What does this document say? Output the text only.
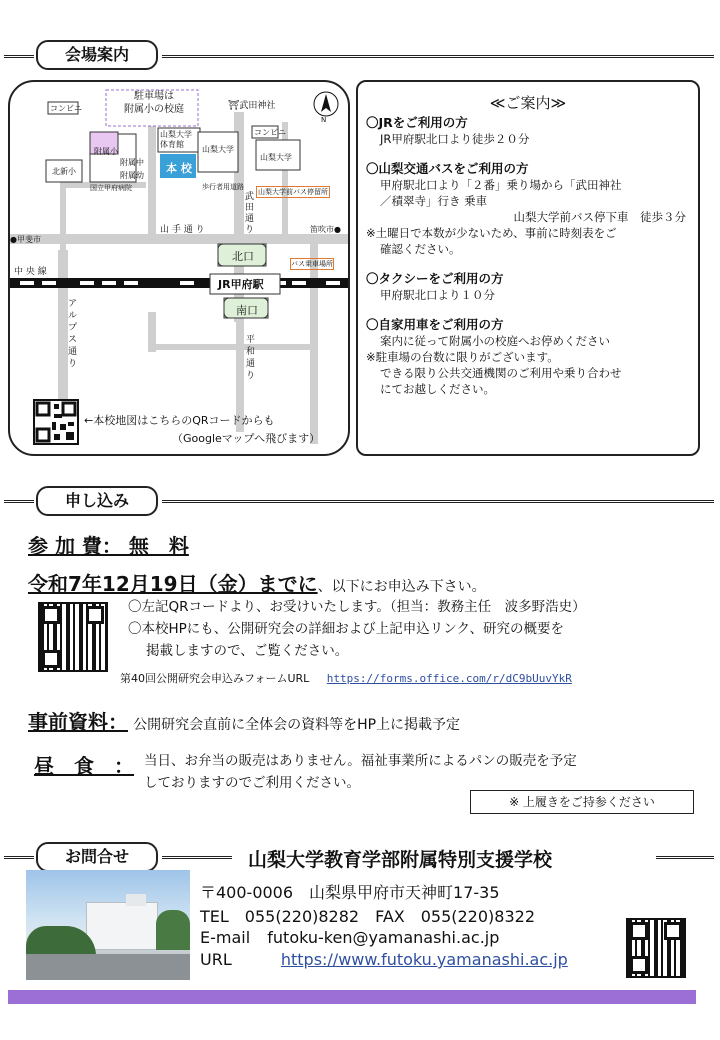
会場案内
駐車場は
附属小の校庭	⛩武田神社
コンビニ
コンビニ
北新小
附属小
附属中
附属幼
国立甲府病院
山梨大学
体育館
本 校
山梨大学
山梨大学
歩行者用道路
山梨大学前バス停留所
武田通り
●甲斐市
笛吹市●
山 手 通 り
北口
バス乗車場所
中 央 線
JR甲府駅
南口
アルプス通り
平和通り
N
←本校地図はこちらのQRコードからも
（Googleマップへ飛びます）
≪ご案内≫
〇JRをご利用の方

JR甲府駅北口より徒歩２０分

〇山梨交通バスをご利用の方

甲府駅北口より「２番」乗り場から「武田神社

／積翠寺」行き 乗車

山梨大学前バス停下車　徒歩３分

※土曜日で本数が少ないため、事前に時刻表をご

確認ください。

〇タクシーをご利用の方

甲府駅北口より１０分

〇自家用車をご利用の方

案内に従って附属小の校庭へお停めください

※駐車場の台数に限りがございます。

できる限り公共交通機関のご利用や乗り合わせ

にてお越しください。

申し込み
参 加 費： 無　料
令和7年12月19日（金）までに、以下にお申込み下さい。
〇左記QRコードより、お受けいたします。（担当：教務主任　波多野浩史）
〇本校HPにも、公開研究会の詳細および上記申込リンク、研究の概要を
掲載しますので、ご覧ください。
第40回公開研究会申込みフォームURL https://forms.office.com/r/dC9bUuvYkR
事前資料： 公開研究会直前に全体会の資料等をHP上に掲載予定
昼　食　： 当日、お弁当の販売はありません。福祉事業所によるパンの販売を予定
しておりますのでご利用ください。
※ 上履きをご持参ください
お問合せ	山梨大学教育学部附属特別支援学校
〒400-0006　山梨県甲府市天神町17-35
TEL　055(220)8282　FAX　055(220)8322
E-mail futoku-ken@yamanashi.ac.jp
URL	https://www.futoku.yamanashi.ac.jp
